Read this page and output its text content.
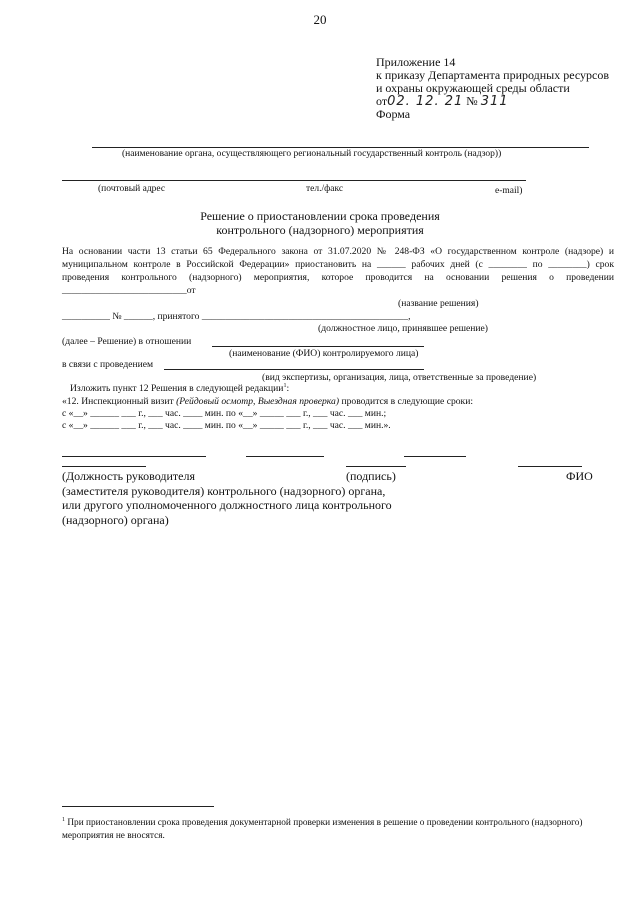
20
Приложение 14
к приказу Департамента природных ресурсов
и охраны окружающей среды области
от02. 12. 21 № 311
Форма
(наименование органа, осуществляющего региональный государственный контроль (надзор))
(почтовый адрес	тел./факс	e-mail)
Решение о приостановлении срока проведения
контрольного (надзорного) мероприятия
На основании части 13 статьи 65 Федерального закона от 31.07.2020 № 248-ФЗ «О государственном контроле (надзоре) и муниципальном контроле в Российской Федерации» приостановить на ______ рабочих дней (с ________ по ________) срок проведения контрольного (надзорного) мероприятия, которое проводится на основании решения о проведении __________________________от
(название решения)
__________ № ______, принятого ___________________________________________,
(должностное лицо, принявшее решение)
(далее – Решение) в отношении
(наименование (ФИО) контролируемого лица)
в связи с проведением
(вид экспертизы, организация, лица, ответственные за проведение)
Изложить пункт 12 Решения в следующей редакции$^1$:
«12. Инспекционный визит (Рейдовый осмотр, Выездная проверка) проводится в следующие сроки:
с «__» ______ ___ г., ___ час. ____ мин. по «__» _____ ___ г., ___ час. ___ мин.;
с «__» ______ ___ г., ___ час. ____ мин. по «__» _____ ___ г., ___ час. ___ мин.».
(Должность руководителя
(заместителя руководителя) контрольного (надзорного) органа,
или другого уполномоченного должностного лица контрольного
(надзорного) органа)
(подпись)	ФИО
$^1$ При приостановлении срока проведения документарной проверки изменения в решение о проведении контрольного (надзорного) мероприятия не вносятся.
